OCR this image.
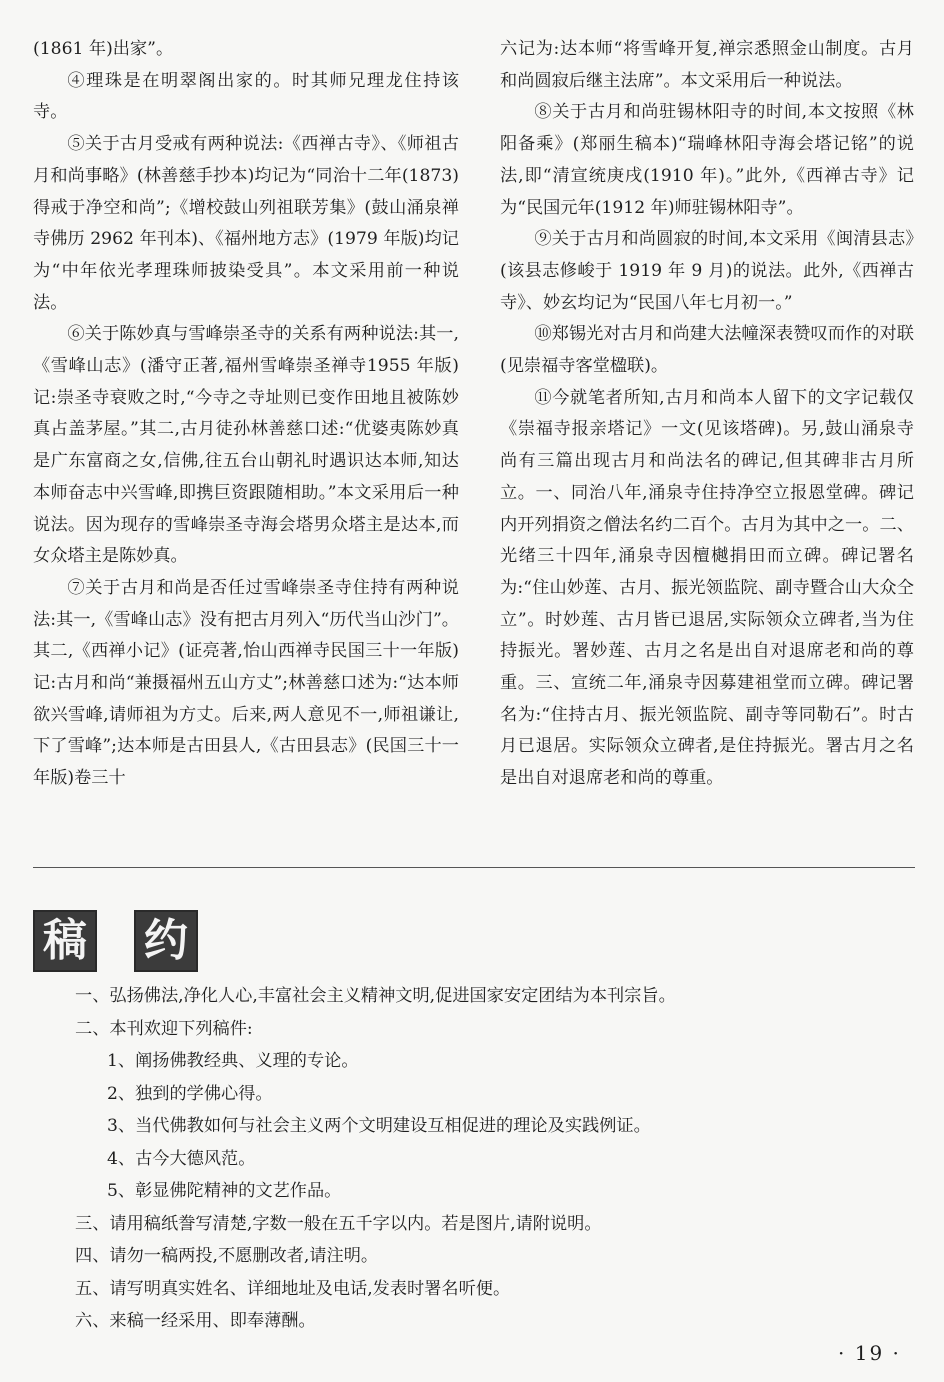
(1861 年)出家”。

④理珠是在明翠阁出家的。时其师兄理龙住持该寺。

⑤关于古月受戒有两种说法:《西禅古寺》、《师祖古月和尚事略》(林善慈手抄本)均记为“同治十二年(1873)得戒于净空和尚”;《增校鼓山列祖联芳集》(鼓山涌泉禅寺佛历 2962 年刊本)、《福州地方志》(1979 年版)均记为“中年依光孝理珠师披染受具”。本文采用前一种说法。

⑥关于陈妙真与雪峰崇圣寺的关系有两种说法:其一,《雪峰山志》(潘守正著,福州雪峰崇圣禅寺1955 年版)记:崇圣寺衰败之时,“今寺之寺址则已变作田地且被陈妙真占盖茅屋。”其二,古月徒孙林善慈口述:“优婆夷陈妙真是广东富商之女,信佛,往五台山朝礼时遇识达本师,知达本师奋志中兴雪峰,即携巨资跟随相助。”本文采用后一种说法。因为现存的雪峰崇圣寺海会塔男众塔主是达本,而女众塔主是陈妙真。

⑦关于古月和尚是否任过雪峰崇圣寺住持有两种说法:其一,《雪峰山志》没有把古月列入“历代当山沙门”。其二,《西禅小记》(证亮著,怡山西禅寺民国三十一年版)记:古月和尚“兼摄福州五山方丈”;林善慈口述为:“达本师欲兴雪峰,请师祖为方丈。后来,两人意见不一,师祖谦让,下了雪峰”;达本师是古田县人,《古田县志》(民国三十一年版)卷三十

六记为:达本师“将雪峰开复,禅宗悉照金山制度。古月和尚圆寂后继主法席”。本文采用后一种说法。

⑧关于古月和尚驻锡林阳寺的时间,本文按照《林阳备乘》(郑丽生稿本)“瑞峰林阳寺海会塔记铭”的说法,即“清宣统庚戌(1910 年)。”此外,《西禅古寺》记为“民国元年(1912 年)师驻锡林阳寺”。

⑨关于古月和尚圆寂的时间,本文采用《闽清县志》(该县志修峻于 1919 年 9 月)的说法。此外,《西禅古寺》、妙玄均记为“民国八年七月初一。”

⑩郑锡光对古月和尚建大法幢深表赞叹而作的对联(见崇福寺客堂楹联)。

⑪今就笔者所知,古月和尚本人留下的文字记载仅《崇福寺报亲塔记》一文(见该塔碑)。另,鼓山涌泉寺尚有三篇出现古月和尚法名的碑记,但其碑非古月所立。一、同治八年,涌泉寺住持净空立报恩堂碑。碑记内开列捐资之僧法名约二百个。古月为其中之一。二、光绪三十四年,涌泉寺因檀樾捐田而立碑。碑记署名为:“住山妙莲、古月、振光领监院、副寺暨合山大众仝立”。时妙莲、古月皆已退居,实际领众立碑者,当为住持振光。署妙莲、古月之名是出自对退席老和尚的尊重。三、宣统二年,涌泉寺因募建祖堂而立碑。碑记署名为:“住持古月、振光领监院、副寺等同勒石”。时古月已退居。实际领众立碑者,是住持振光。署古月之名是出自对退席老和尚的尊重。

稿 约
一、弘扬佛法,净化人心,丰富社会主义精神文明,促进国家安定团结为本刊宗旨。
二、本刊欢迎下列稿件:
1、阐扬佛教经典、义理的专论。
2、独到的学佛心得。
3、当代佛教如何与社会主义两个文明建设互相促进的理论及实践例证。
4、古今大德风范。
5、彰显佛陀精神的文艺作品。
三、请用稿纸誊写清楚,字数一般在五千字以内。若是图片,请附说明。
四、请勿一稿两投,不愿删改者,请注明。
五、请写明真实姓名、详细地址及电话,发表时署名听便。
六、来稿一经采用、即奉薄酬。
· 19 ·
